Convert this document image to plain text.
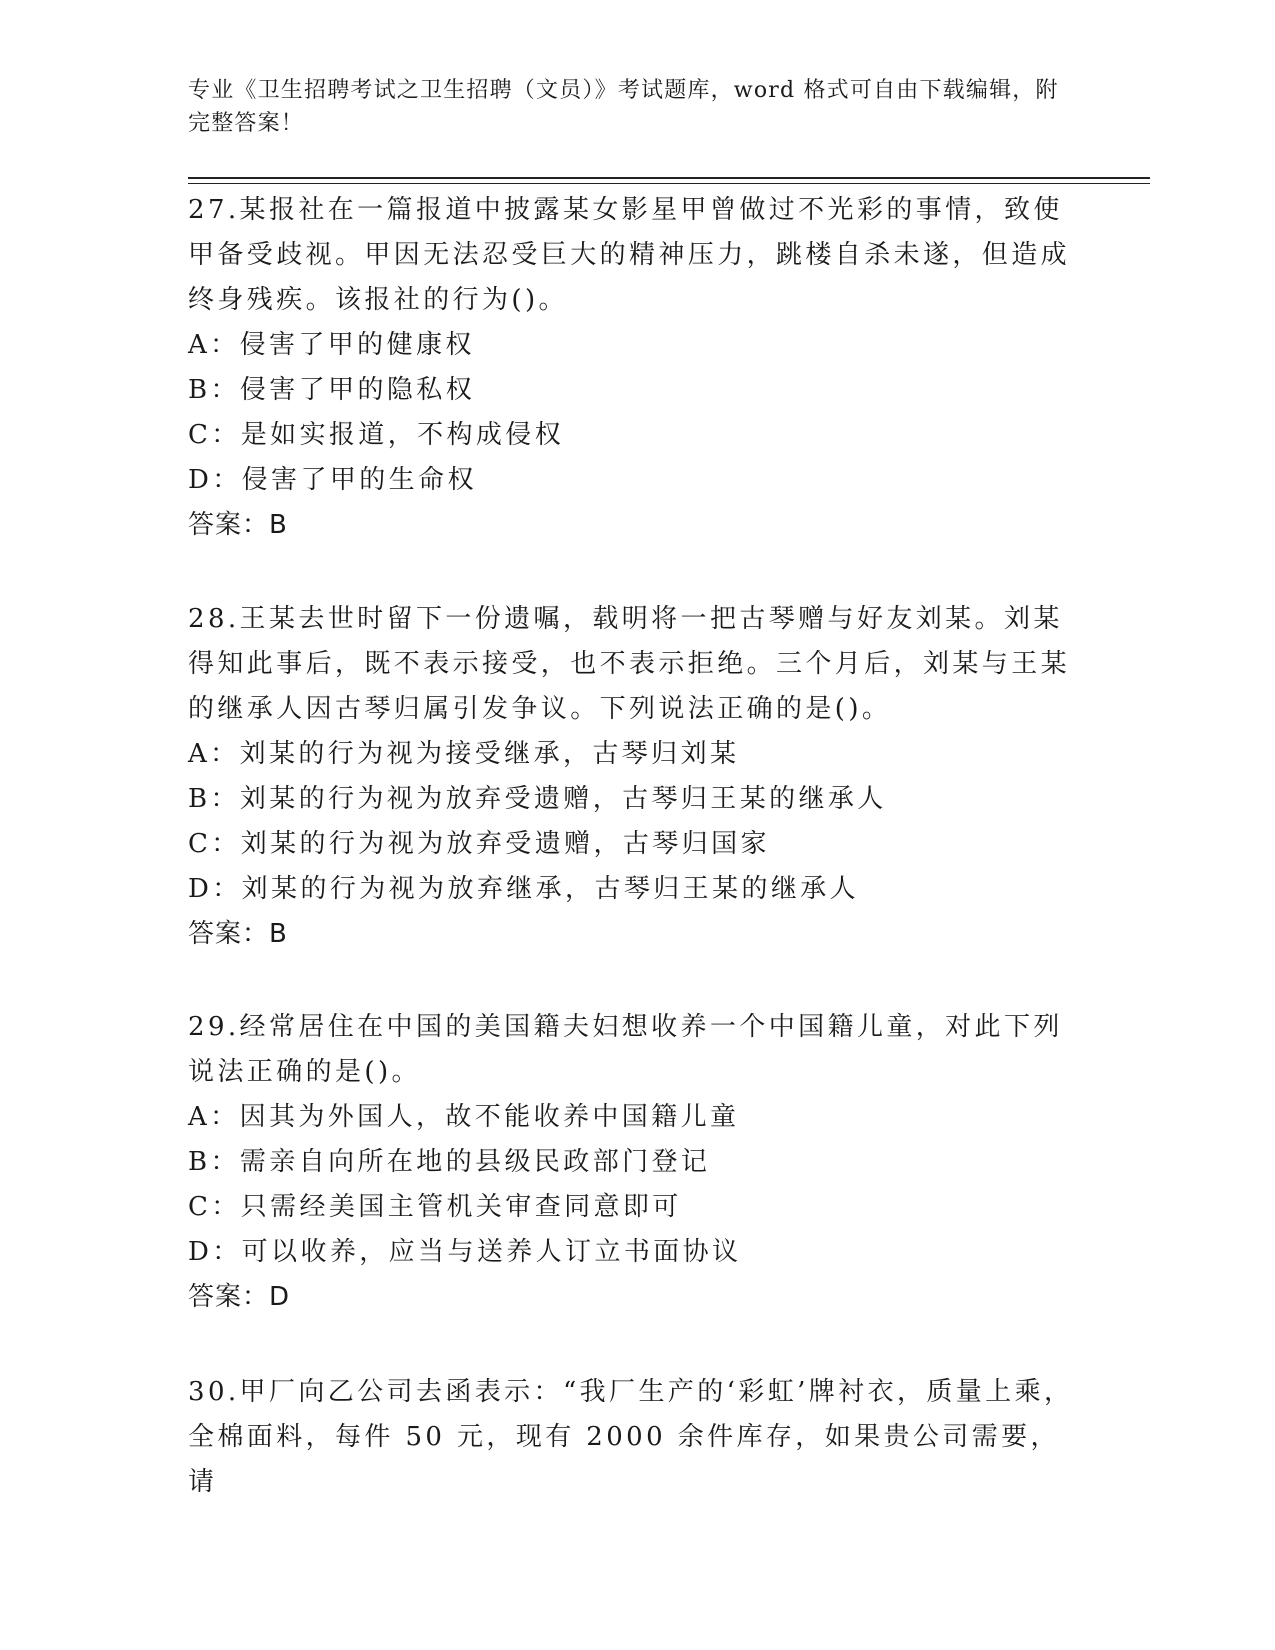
专业《卫生招聘考试之卫生招聘（文员）》考试题库，word 格式可自由下载编辑，附完整答案！

27.某报社在一篇报道中披露某女影星甲曾做过不光彩的事情，致使甲备受歧视。甲因无法忍受巨大的精神压力，跳楼自杀未遂，但造成终身残疾。该报社的行为()。

A：侵害了甲的健康权

B：侵害了甲的隐私权

C：是如实报道，不构成侵权

D：侵害了甲的生命权

答案：B

28.王某去世时留下一份遗嘱，载明将一把古琴赠与好友刘某。刘某得知此事后，既不表示接受，也不表示拒绝。三个月后，刘某与王某的继承人因古琴归属引发争议。下列说法正确的是()。

A：刘某的行为视为接受继承，古琴归刘某

B：刘某的行为视为放弃受遗赠，古琴归王某的继承人

C：刘某的行为视为放弃受遗赠，古琴归国家

D：刘某的行为视为放弃继承，古琴归王某的继承人

答案：B

29.经常居住在中国的美国籍夫妇想收养一个中国籍儿童，对此下列说法正确的是()。

A：因其为外国人，故不能收养中国籍儿童

B：需亲自向所在地的县级民政部门登记

C：只需经美国主管机关审查同意即可

D：可以收养，应当与送养人订立书面协议

答案：D

30.甲厂向乙公司去函表示：“我厂生产的‘彩虹’牌衬衣，质量上乘，全棉面料，每件 50 元，现有 2000 余件库存，如果贵公司需要，请
